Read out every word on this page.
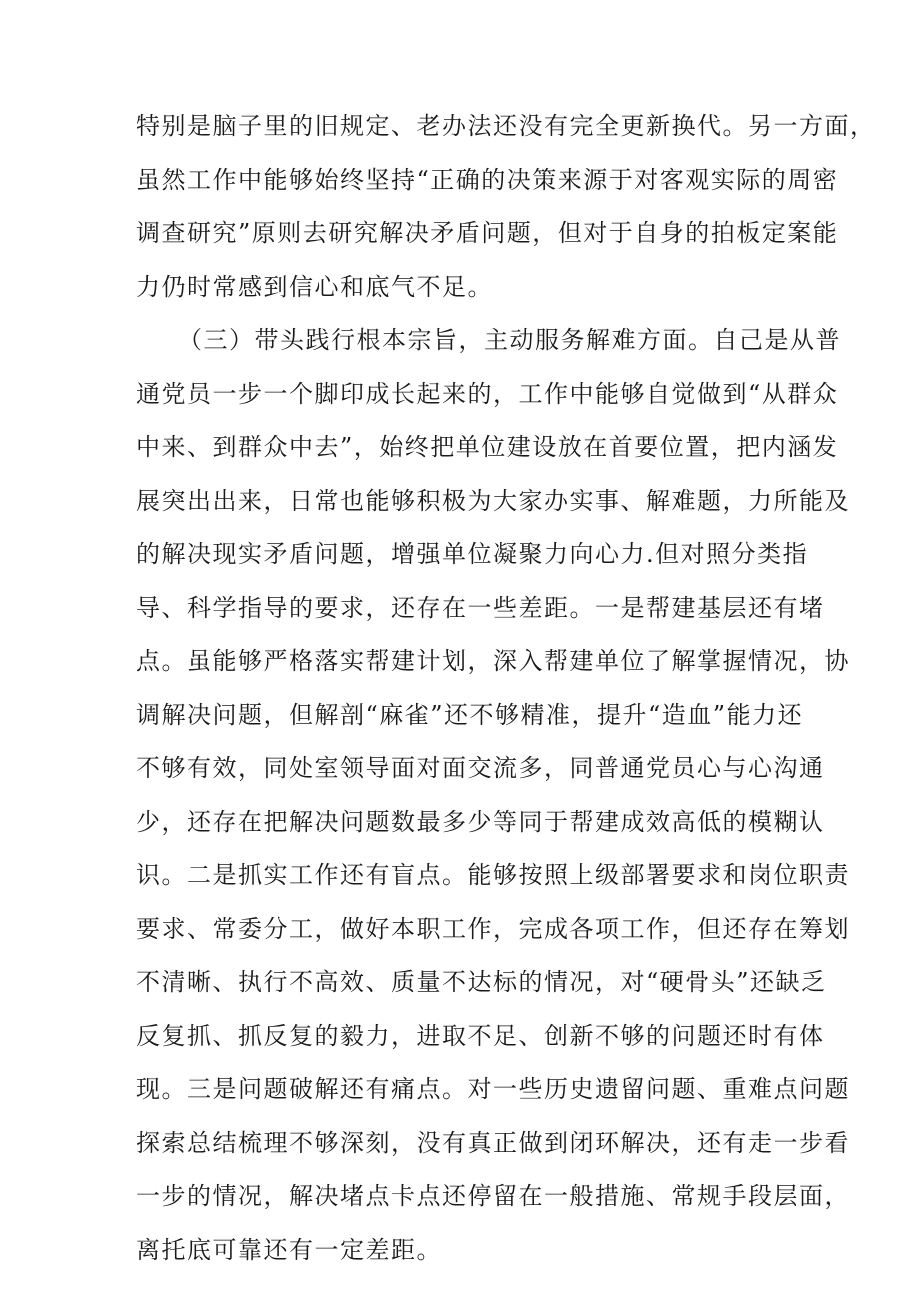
特别是脑子里的旧规定、老办法还没有完全更新换代。另一方面，
虽然工作中能够始终坚持“正确的决策来源于对客观实际的周密
调查研究”原则去研究解决矛盾问题，但对于自身的拍板定案能
力仍时常感到信心和底气不足。
（三）带头践行根本宗旨，主动服务解难方面。自己是从普
通党员一步一个脚印成长起来的，工作中能够自觉做到“从群众
中来、到群众中去”，始终把单位建设放在首要位置，把内涵发
展突出出来，日常也能够积极为大家办实事、解难题，力所能及
的解决现实矛盾问题，增强单位凝聚力向心力.但对照分类指
导、科学指导的要求，还存在一些差距。一是帮建基层还有堵
点。虽能够严格落实帮建计划，深入帮建单位了解掌握情况，协
调解决问题，但解剖“麻雀”还不够精准，提升“造血”能力还
不够有效，同处室领导面对面交流多，同普通党员心与心沟通
少，还存在把解决问题数最多少等同于帮建成效高低的模糊认
识。二是抓实工作还有盲点。能够按照上级部署要求和岗位职责
要求、常委分工，做好本职工作，完成各项工作，但还存在筹划
不清晰、执行不高效、质量不达标的情况，对“硬骨头”还缺乏
反复抓、抓反复的毅力，进取不足、创新不够的问题还时有体
现。三是问题破解还有痛点。对一些历史遗留问题、重难点问题
探索总结梳理不够深刻，没有真正做到闭环解决，还有走一步看
一步的情况，解决堵点卡点还停留在一般措施、常规手段层面，
离托底可靠还有一定差距。
